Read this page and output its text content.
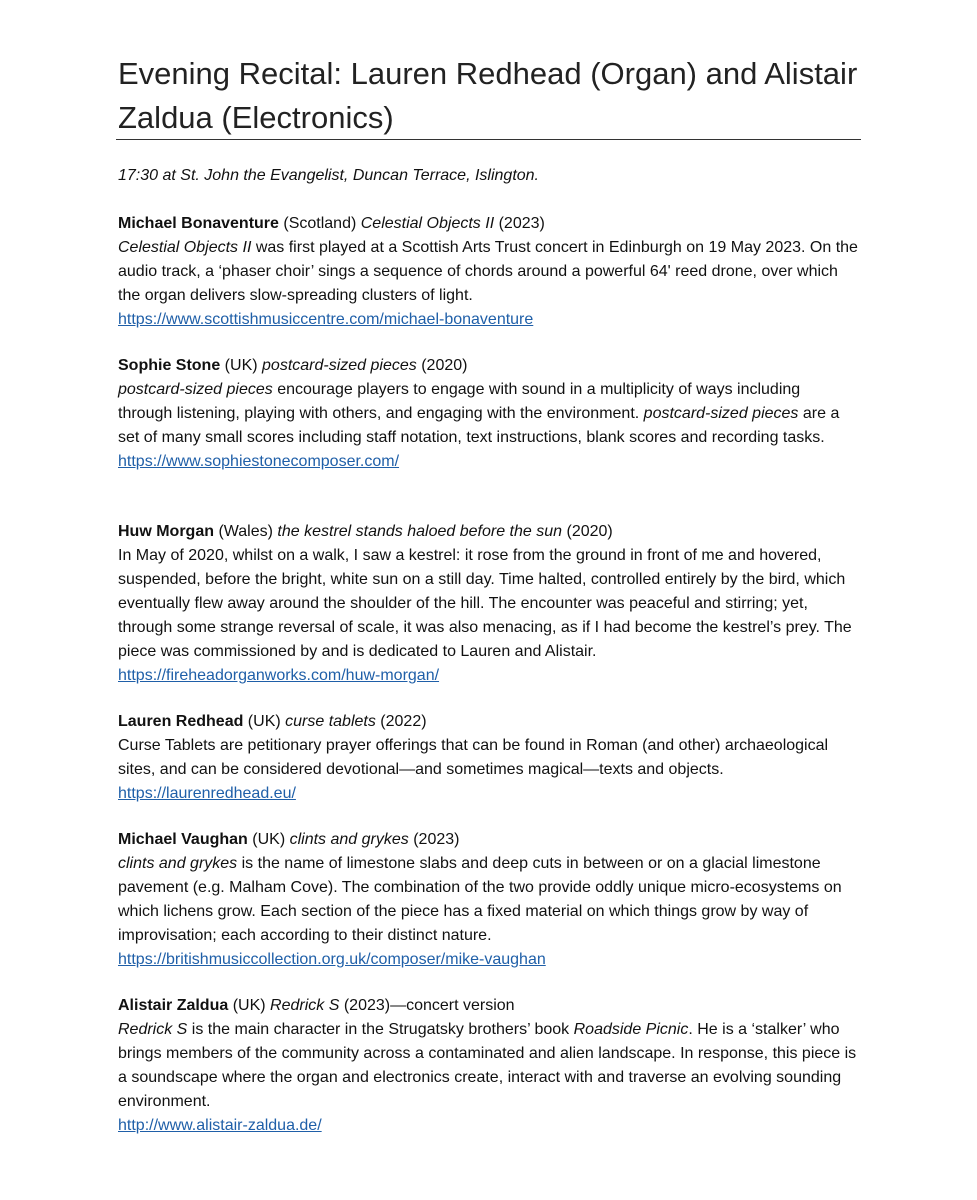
Evening Recital: Lauren Redhead (Organ) and Alistair Zaldua (Electronics)

17:30 at St. John the Evangelist, Duncan Terrace, Islington.

Michael Bonaventure (Scotland) Celestial Objects II (2023)

Celestial Objects II was first played at a Scottish Arts Trust concert in Edinburgh on 19 May 2023. On the audio track, a ‘phaser choir’ sings a sequence of chords around a powerful 64' reed drone, over which the organ delivers slow-spreading clusters of light.

https://www.scottishmusiccentre.com/michael-bonaventure

Sophie Stone (UK) postcard-sized pieces (2020)

postcard-sized pieces encourage players to engage with sound in a multiplicity of ways including through listening, playing with others, and engaging with the environment. postcard-sized pieces are a set of many small scores including staff notation, text instructions, blank scores and recording tasks.

https://www.sophiestonecomposer.com/

Huw Morgan (Wales) the kestrel stands haloed before the sun (2020)

In May of 2020, whilst on a walk, I saw a kestrel: it rose from the ground in front of me and hovered, suspended, before the bright, white sun on a still day. Time halted, controlled entirely by the bird, which eventually flew away around the shoulder of the hill. The encounter was peaceful and stirring; yet, through some strange reversal of scale, it was also menacing, as if I had become the kestrel’s prey. The piece was commissioned by and is dedicated to Lauren and Alistair.

https://fireheadorganworks.com/huw-morgan/

Lauren Redhead (UK) curse tablets (2022)

Curse Tablets are petitionary prayer offerings that can be found in Roman (and other) archaeological sites, and can be considered devotional—and sometimes magical—texts and objects.

https://laurenredhead.eu/

Michael Vaughan (UK) clints and grykes (2023)

clints and grykes is the name of limestone slabs and deep cuts in between or on a glacial limestone pavement (e.g. Malham Cove). The combination of the two provide oddly unique micro-ecosystems on which lichens grow. Each section of the piece has a fixed material on which things grow by way of improvisation; each according to their distinct nature.

https://britishmusiccollection.org.uk/composer/mike-vaughan

Alistair Zaldua (UK) Redrick S (2023)—concert version

Redrick S is the main character in the Strugatsky brothers’ book Roadside Picnic. He is a ‘stalker’ who brings members of the community across a contaminated and alien landscape. In response, this piece is a soundscape where the organ and electronics create, interact with and traverse an evolving sounding environment.

http://www.alistair-zaldua.de/
